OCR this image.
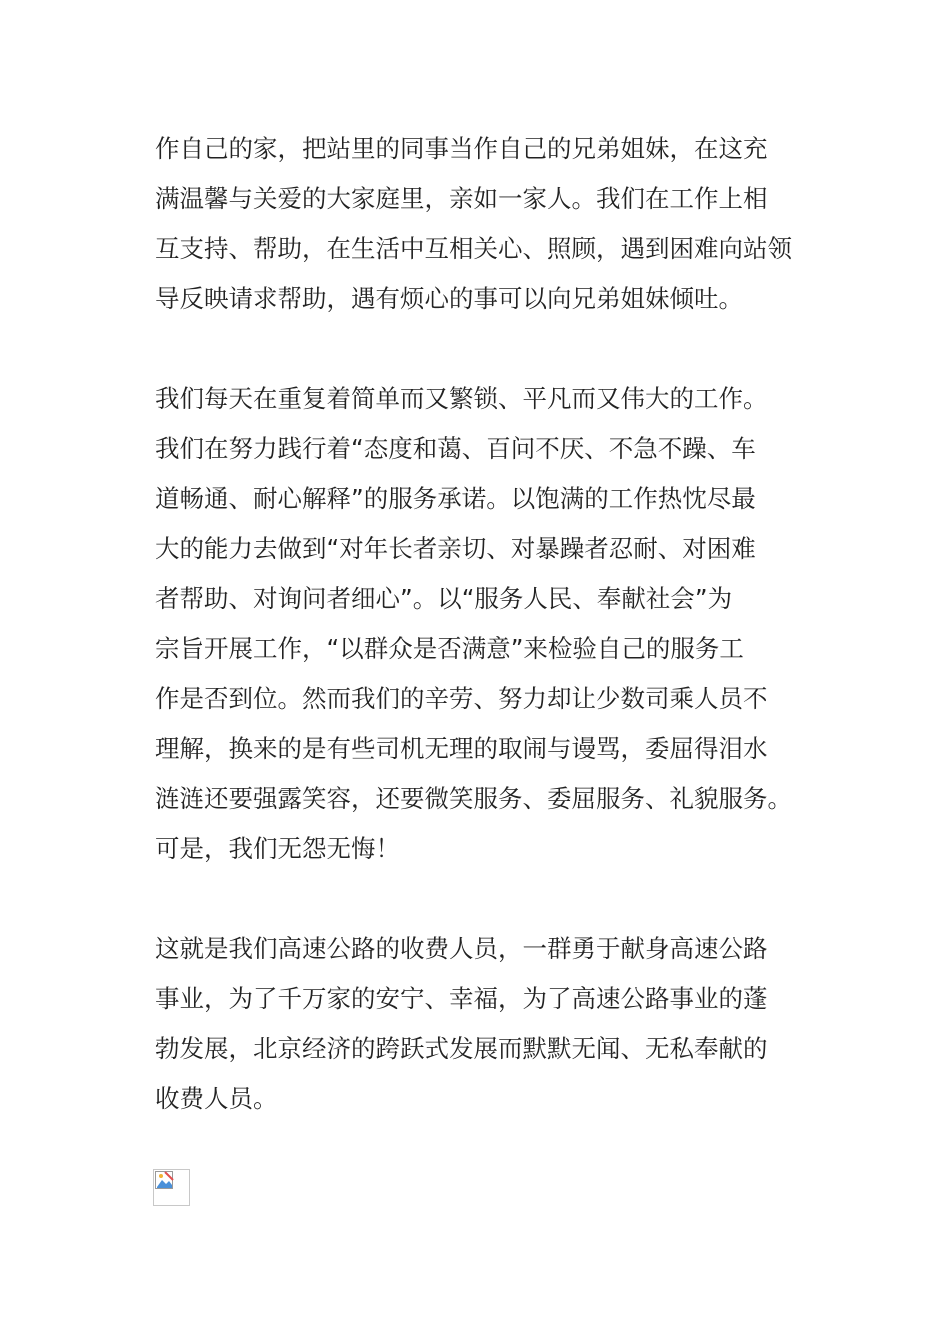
作自己的家，把站里的同事当作自己的兄弟姐妹，在这充
满温馨与关爱的大家庭里，亲如一家人。我们在工作上相
互支持、帮助，在生活中互相关心、照顾，遇到困难向站领
导反映请求帮助，遇有烦心的事可以向兄弟姐妹倾吐。

我们每天在重复着简单而又繁锁、平凡而又伟大的工作。
我们在努力践行着“态度和蔼、百问不厌、不急不躁、车
道畅通、耐心解释”的服务承诺。以饱满的工作热忱尽最
大的能力去做到“对年长者亲切、对暴躁者忍耐、对困难
者帮助、对询问者细心”。以“服务人民、奉献社会”为
宗旨开展工作，“以群众是否满意”来检验自己的服务工
作是否到位。然而我们的辛劳、努力却让少数司乘人员不
理解，换来的是有些司机无理的取闹与谩骂，委屈得泪水
涟涟还要强露笑容，还要微笑服务、委屈服务、礼貌服务。
可是，我们无怨无悔！

这就是我们高速公路的收费人员，一群勇于献身高速公路
事业，为了千万家的安宁、幸福，为了高速公路事业的蓬
勃发展，北京经济的跨跃式发展而默默无闻、无私奉献的
收费人员。
